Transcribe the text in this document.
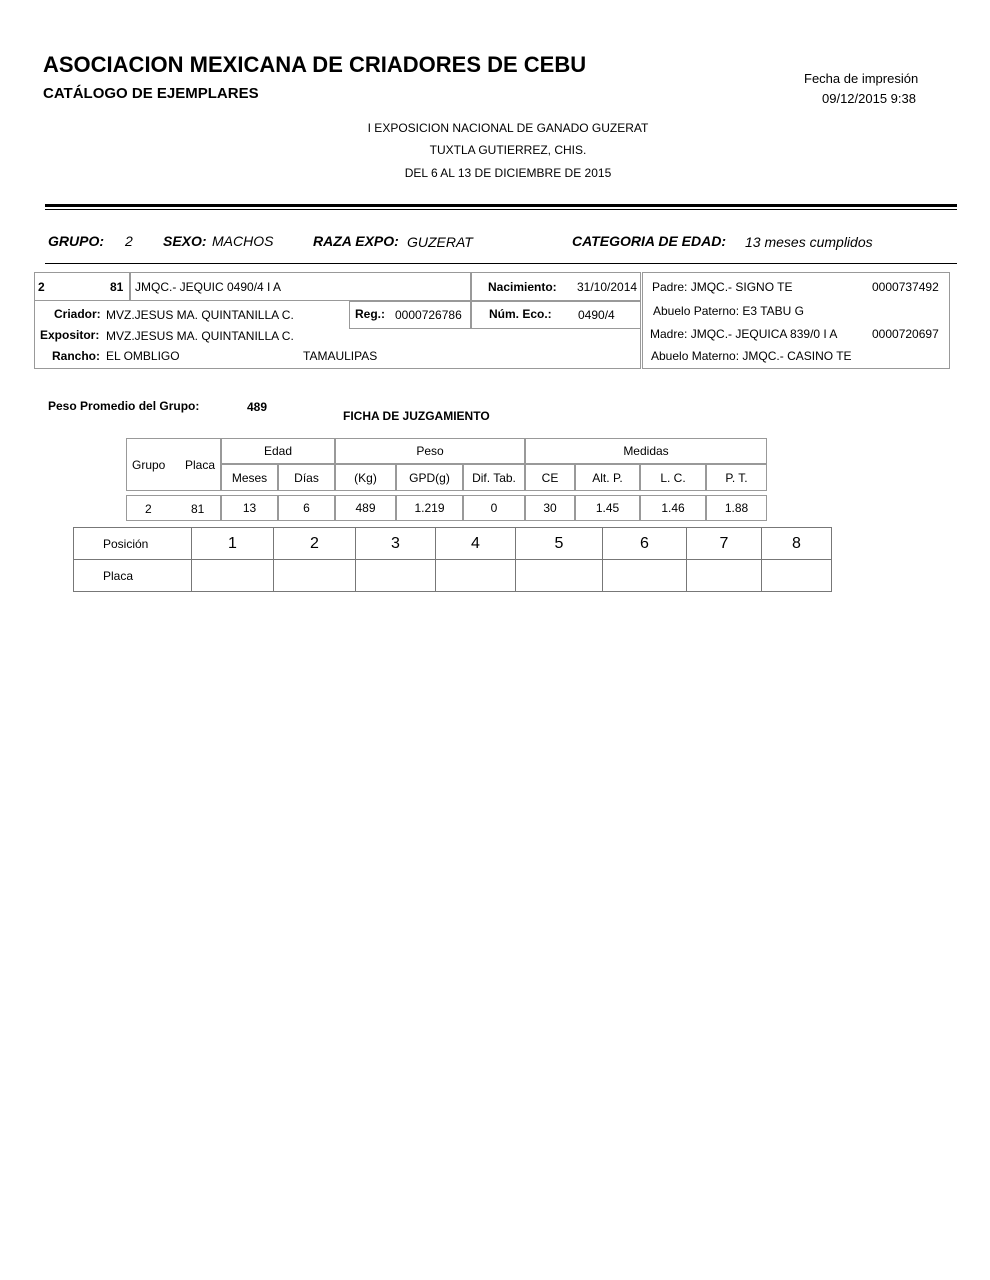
ASOCIACION MEXICANA DE CRIADORES DE CEBU
CATÁLOGO DE EJEMPLARES
Fecha de impresión
09/12/2015 9:38
I EXPOSICION NACIONAL DE GANADO GUZERAT
TUXTLA GUTIERREZ, CHIS.
DEL 6 AL 13 DE DICIEMBRE DE 2015
GRUPO: 2 SEXO: MACHOS	RAZA EXPO: GUZERAT	CATEGORIA DE EDAD: 13 meses cumplidos
2	81 JMQC.- JEQUIC 0490/4 I A	Nacimiento: 31/10/2014
Criador: MVZ.JESUS MA. QUINTANILLA C.	Reg.: 0000726786 Núm. Eco.: 0490/4
Expositor: MVZ.JESUS MA. QUINTANILLA C.
Rancho: EL OMBLIGO	TAMAULIPAS
Padre: JMQC.- SIGNO TE	0000737492
Abuelo Paterno: E3 TABU G
Madre: JMQC.- JEQUICA 839/0 I A	0000720697
Abuelo Materno: JMQC.- CASINO TE
Peso Promedio del Grupo:	489
FICHA DE JUZGAMIENTO
Grupo Placa
Edad	Peso	Medidas
Meses	Días	(Kg)	GPD(g)	Dif. Tab.	CE	Alt. P.	L. C.	P. T.
2	81	13	6	489	1.219	0	30	1.45	1.46	1.88
Posición	1	2	3	4	5	6	7	8
Placa
